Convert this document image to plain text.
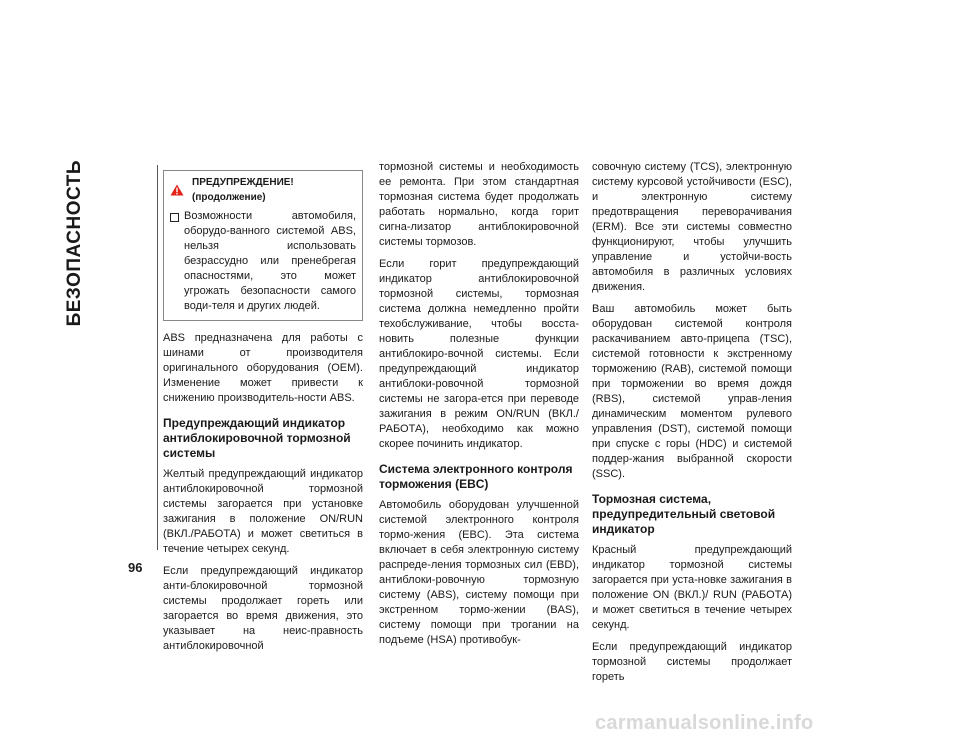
БЕЗОПАСНОСТЬ
96
ПРЕДУПРЕЖДЕНИЕ! (продолжение)

Возможности автомобиля, оборудо-ванного системой ABS, нельзя использовать безрассудно или пренебрегая опасностями, это может угрожать безопасности самого води-теля и других людей.

ABS предназначена для работы с шинами от производителя оригинального оборудования (OEM). Изменение может привести к снижению производитель-ности ABS.

Предупреждающий индикатор антиблокировочной тормозной системы

Желтый предупреждающий индикатор антиблокировочной тормозной системы загорается при установке зажигания в положение ON/RUN (ВКЛ./РАБОТА) и может светиться в течение четырех секунд.

Если предупреждающий индикатор анти-блокировочной тормозной системы продолжает гореть или загорается во время движения, это указывает на неис-правность антиблокировочной

тормозной системы и необходимость ее ремонта. При этом стандартная тормозная система будет продолжать работать нормально, когда горит сигна-лизатор антиблокировочной системы тормозов.

Если горит предупреждающий индикатор антиблокировочной тормозной системы, тормозная система должна немедленно пройти техобслуживание, чтобы восста-новить полезные функции антиблокиро-вочной системы. Если предупреждающий индикатор антиблоки-ровочной тормозной системы не загора-ется при переводе зажигания в режим ON/RUN (ВКЛ./РАБОТА), необходимо как можно скорее починить индикатор.

Система электронного контроля торможения (EBC)

Автомобиль оборудован улучшенной системой электронного контроля тормо-жения (EBC). Эта система включает в себя электронную систему распреде-ления тормозных сил (EBD), антиблоки-ровочную тормозную систему (ABS), систему помощи при экстренном тормо-жении (BAS), систему помощи при трогании на подъеме (HSA) противобук-

совочную систему (TCS), электронную систему курсовой устойчивости (ESC), и электронную систему предотвращения переворачивания (ERM). Все эти системы совместно функционируют, чтобы улучшить управление и устойчи-вость автомобиля в различных условиях движения.

Ваш автомобиль может быть оборудован системой контроля раскачиванием авто-прицепа (TSC), системой готовности к экстренному торможению (RAB), системой помощи при торможении во время дождя (RBS), системой управ-ления динамическим моментом рулевого управления (DST), системой помощи при спуске с горы (HDC) и системой поддер-жания выбранной скорости (SSC).

Тормозная система, предупредительный световой индикатор

Красный предупреждающий индикатор тормозной системы загорается при уста-новке зажигания в положение ON (ВКЛ.)/ RUN (РАБОТА) и может светиться в течение четырех секунд.

Если предупреждающий индикатор тормозной системы продолжает гореть

carmanualsonline.info
